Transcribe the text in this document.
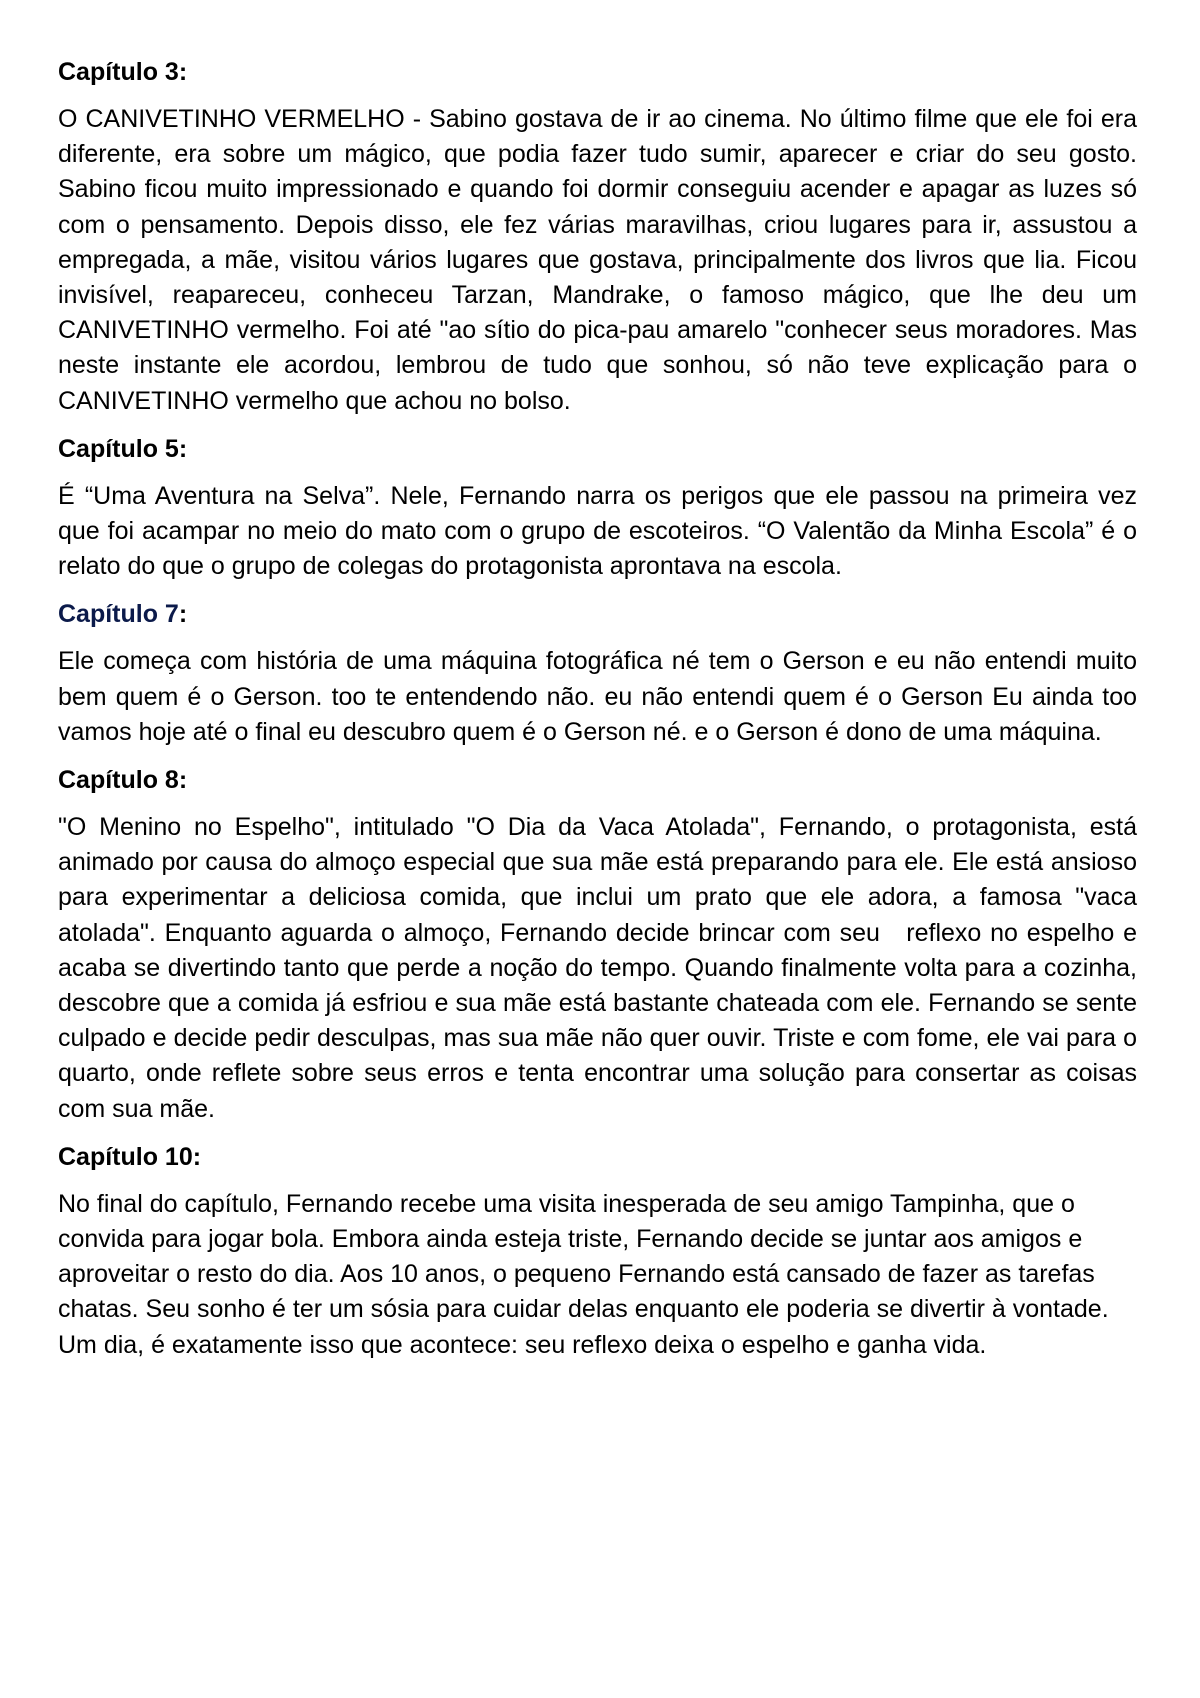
Capítulo 3:

O CANIVETINHO VERMELHO - Sabino gostava de ir ao cinema. No último filme que ele foi era diferente, era sobre um mágico, que podia fazer tudo sumir, aparecer e criar do seu gosto. Sabino ficou muito impressionado e quando foi dormir conseguiu acender e apagar as luzes só com o pensamento. Depois disso, ele fez várias maravilhas, criou lugares para ir, assustou a empregada, a mãe, visitou vários lugares que gostava, principalmente dos livros que lia. Ficou invisível, reapareceu, conheceu Tarzan, Mandrake, o famoso mágico, que lhe deu um CANIVETINHO vermelho. Foi até "ao sítio do pica-pau amarelo "conhecer seus moradores. Mas neste instante ele acordou, lembrou de tudo que sonhou, só não teve explicação para o CANIVETINHO vermelho que achou no bolso.

Capítulo 5:

É “Uma Aventura na Selva”. Nele, Fernando narra os perigos que ele passou na primeira vez que foi acampar no meio do mato com o grupo de escoteiros. “O Valentão da Minha Escola” é o relato do que o grupo de colegas do protagonista aprontava na escola.

Capítulo 7:

Ele começa com história de uma máquina fotográfica né tem o Gerson e eu não entendi muito bem quem é o Gerson. too te entendendo não. eu não entendi quem é o Gerson Eu ainda too vamos hoje até o final eu descubro quem é o Gerson né. e o Gerson é dono de uma máquina.

Capítulo 8:

"O Menino no Espelho", intitulado "O Dia da Vaca Atolada", Fernando, o protagonista, está animado por causa do almoço especial que sua mãe está preparando para ele. Ele está ansioso para experimentar a deliciosa comida, que inclui um prato que ele adora, a famosa "vaca atolada". Enquanto aguarda o almoço, Fernando decide brincar com seu   reflexo no espelho e acaba se divertindo tanto que perde a noção do tempo. Quando finalmente volta para a cozinha, descobre que a comida já esfriou e sua mãe está bastante chateada com ele. Fernando se sente culpado e decide pedir desculpas, mas sua mãe não quer ouvir. Triste e com fome, ele vai para o quarto, onde reflete sobre seus erros e tenta encontrar uma solução para consertar as coisas com sua mãe.

Capítulo 10:

No final do capítulo, Fernando recebe uma visita inesperada de seu amigo Tampinha, que o convida para jogar bola. Embora ainda esteja triste, Fernando decide se juntar aos amigos e aproveitar o resto do dia. Aos 10 anos, o pequeno Fernando está cansado de fazer as tarefas chatas. Seu sonho é ter um sósia para cuidar delas enquanto ele poderia se divertir à vontade. Um dia, é exatamente isso que acontece: seu reflexo deixa o espelho e ganha vida.
